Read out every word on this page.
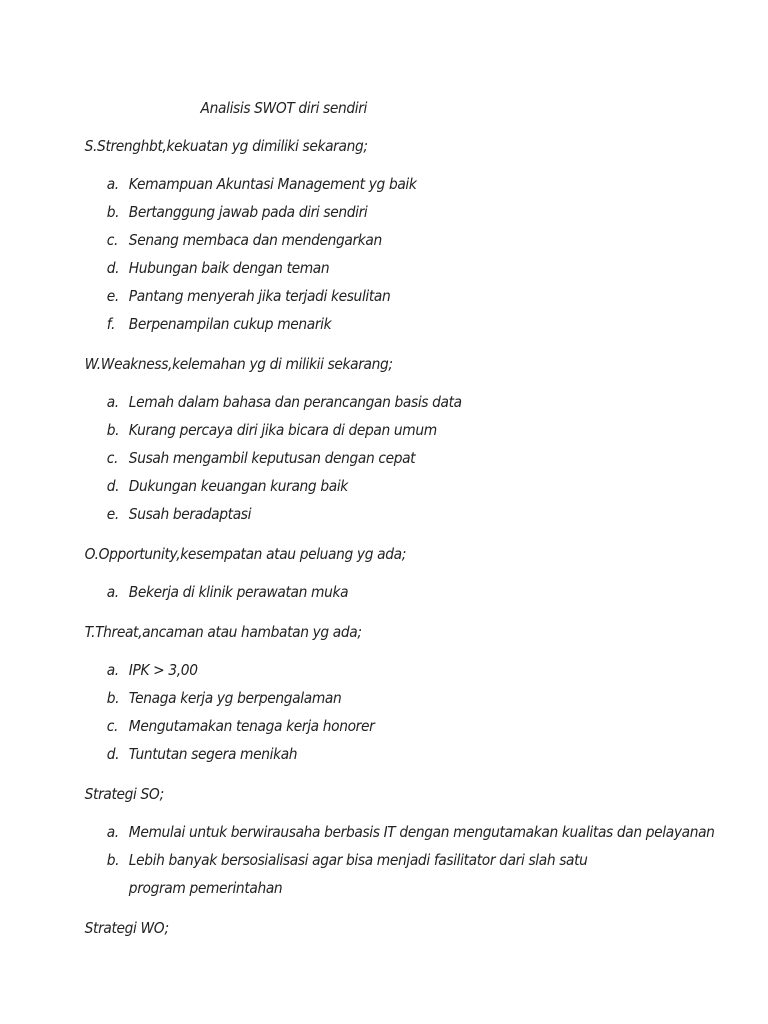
Analisis SWOT diri sendiri

S.Strenghbt,kekuatan yg dimiliki sekarang;

a. Kemampuan Akuntasi Management yg baik
b. Bertanggung jawab pada diri sendiri
c. Senang membaca dan mendengarkan
d. Hubungan baik dengan teman
e. Pantang menyerah jika terjadi kesulitan
f. Berpenampilan cukup menarik

W.Weakness,kelemahan yg di milikii sekarang;

a. Lemah dalam bahasa dan perancangan basis data
b. Kurang percaya diri jika bicara di depan umum
c. Susah mengambil keputusan dengan cepat
d. Dukungan keuangan kurang baik
e. Susah beradaptasi

O.Opportunity,kesempatan atau peluang yg ada;

a. Bekerja di klinik perawatan muka

T.Threat,ancaman atau hambatan yg ada;

a. IPK > 3,00
b. Tenaga kerja yg berpengalaman
c. Mengutamakan tenaga kerja honorer
d. Tuntutan segera menikah

Strategi SO;

a. Memulai untuk berwirausaha berbasis IT dengan mengutamakan kualitas dan pelayanan
b. Lebih banyak bersosialisasi agar bisa menjadi fasilitator dari slah satu program pemerintahan

Strategi WO;
